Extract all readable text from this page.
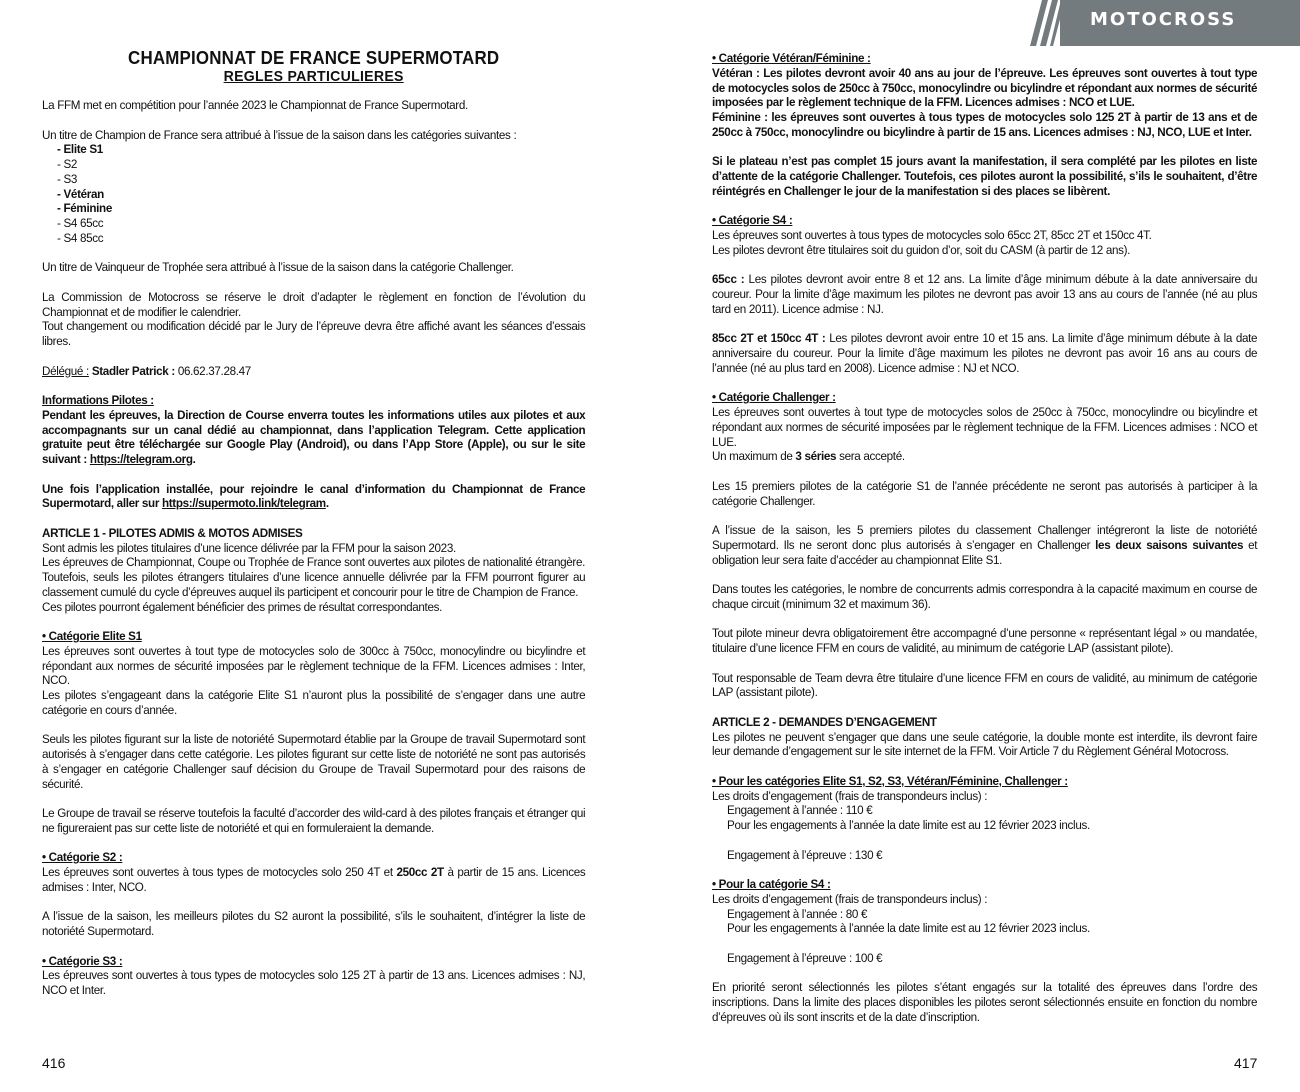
MOTOCROSS
CHAMPIONNAT DE FRANCE SUPERMOTARD
REGLES PARTICULIERES

La FFM met en compétition pour l’année 2023 le Championnat de France Supermotard.

Un titre de Champion de France sera attribué à l’issue de la saison dans les catégories suivantes :
- Elite S1
- S2
- S3
- Vétéran
- Féminine
- S4 65cc
- S4 85cc

Un titre de Vainqueur de Trophée sera attribué à l’issue de la saison dans la catégorie Challenger.

La Commission de Motocross se réserve le droit d’adapter le règlement en fonction de l’évolution du Championnat et de modifier le calendrier.
Tout changement ou modification décidé par le Jury de l’épreuve devra être affiché avant les séances d’essais libres.

Délégué : Stadler Patrick : 06.62.37.28.47

Informations Pilotes :
Pendant les épreuves, la Direction de Course enverra toutes les informations utiles aux pilotes et aux accompagnants sur un canal dédié au championnat, dans l’application Telegram. Cette application gratuite peut être téléchargée sur Google Play (Android), ou dans l’App Store (Apple), ou sur le site suivant : https://telegram.org.

Une fois l’application installée, pour rejoindre le canal d’information du Championnat de France Supermotard, aller sur https://supermoto.link/telegram.

ARTICLE 1 - PILOTES ADMIS & MOTOS ADMISES
Sont admis les pilotes titulaires d’une licence délivrée par la FFM pour la saison 2023.
Les épreuves de Championnat, Coupe ou Trophée de France sont ouvertes aux pilotes de nationalité étrangère.
Toutefois, seuls les pilotes étrangers titulaires d’une licence annuelle délivrée par la FFM pourront figurer au classement cumulé du cycle d’épreuves auquel ils participent et concourir pour le titre de Champion de France.
Ces pilotes pourront également bénéficier des primes de résultat correspondantes.
• Catégorie Elite S1
Les épreuves sont ouvertes à tout type de motocycles solo de 300cc à 750cc, monocylindre ou bicylindre et répondant aux normes de sécurité imposées par le règlement technique de la FFM. Licences admises : Inter, NCO.
Les pilotes s’engageant dans la catégorie Elite S1 n’auront plus la possibilité de s’engager dans une autre catégorie en cours d’année.

Seuls les pilotes figurant sur la liste de notoriété Supermotard établie par la Groupe de travail Supermotard sont autorisés à s’engager dans cette catégorie. Les pilotes figurant sur cette liste de notoriété ne sont pas autorisés à s’engager en catégorie Challenger sauf décision du Groupe de Travail Supermotard pour des raisons de sécurité.

Le Groupe de travail se réserve toutefois la faculté d’accorder des wild-card à des pilotes français et étranger qui ne figureraient pas sur cette liste de notoriété et qui en formuleraient la demande.

• Catégorie S2 :
Les épreuves sont ouvertes à tous types de motocycles solo 250 4T et 250cc 2T à partir de 15 ans. Licences admises : Inter, NCO.

A l’issue de la saison, les meilleurs pilotes du S2 auront la possibilité, s’ils le souhaitent, d’intégrer la liste de notoriété Supermotard.

• Catégorie S3 :
Les épreuves sont ouvertes à tous types de motocycles solo 125 2T à partir de 13 ans. Licences admises : NJ, NCO et Inter.
416
• Catégorie Vétéran/Féminine :
Vétéran : Les pilotes devront avoir 40 ans au jour de l’épreuve. Les épreuves sont ouvertes à tout type de motocycles solos de 250cc à 750cc, monocylindre ou bicylindre et répondant aux normes de sécurité imposées par le règlement technique de la FFM. Licences admises : NCO et LUE.
Féminine : les épreuves sont ouvertes à tous types de motocycles solo 125 2T à partir de 13 ans et de 250cc à 750cc, monocylindre ou bicylindre à partir de 15 ans. Licences admises : NJ, NCO, LUE et Inter.

Si le plateau n’est pas complet 15 jours avant la manifestation, il sera complété par les pilotes en liste d’attente de la catégorie Challenger. Toutefois, ces pilotes auront la possibilité, s’ils le souhaitent, d’être réintégrés en Challenger le jour de la manifestation si des places se libèrent.

• Catégorie S4 :
Les épreuves sont ouvertes à tous types de motocycles solo 65cc 2T, 85cc 2T et 150cc 4T.
Les pilotes devront être titulaires soit du guidon d’or, soit du CASM (à partir de 12 ans).

65cc : Les pilotes devront avoir entre 8 et 12 ans. La limite d’âge minimum débute à la date anniversaire du coureur. Pour la limite d’âge maximum les pilotes ne devront pas avoir 13 ans au cours de l’année (né au plus tard en 2011). Licence admise : NJ.

85cc 2T et 150cc 4T : Les pilotes devront avoir entre 10 et 15 ans. La limite d’âge minimum débute à la date anniversaire du coureur. Pour la limite d’âge maximum les pilotes ne devront pas avoir 16 ans au cours de l’année (né au plus tard en 2008). Licence admise : NJ et NCO.

• Catégorie Challenger :
Les épreuves sont ouvertes à tout type de motocycles solos de 250cc à 750cc, monocylindre ou bicylindre et répondant aux normes de sécurité imposées par le règlement technique de la FFM. Licences admises : NCO et LUE.
Un maximum de 3 séries sera accepté.

Les 15 premiers pilotes de la catégorie S1 de l’année précédente ne seront pas autorisés à participer à la catégorie Challenger.

A l’issue de la saison, les 5 premiers pilotes du classement Challenger intégreront la liste de notoriété Supermotard. Ils ne seront donc plus autorisés à s’engager en Challenger les deux saisons suivantes et obligation leur sera faite d’accéder au championnat Elite S1.

Dans toutes les catégories, le nombre de concurrents admis correspondra à la capacité maximum en course de chaque circuit (minimum 32 et maximum 36).

Tout pilote mineur devra obligatoirement être accompagné d’une personne « représentant légal » ou mandatée, titulaire d’une licence FFM en cours de validité, au minimum de catégorie LAP (assistant pilote).

Tout responsable de Team devra être titulaire d’une licence FFM en cours de validité, au minimum de catégorie LAP (assistant pilote).

ARTICLE 2 - DEMANDES D’ENGAGEMENT
Les pilotes ne peuvent s’engager que dans une seule catégorie, la double monte est interdite, ils devront faire leur demande d’engagement sur le site internet de la FFM. Voir Article 7 du Règlement Général Motocross.
• Pour les catégories Elite S1, S2, S3, Vétéran/Féminine, Challenger :
Les droits d’engagement (frais de transpondeurs inclus) :
Engagement à l’année : 110 €
Pour les engagements à l’année la date limite est au 12 février 2023 inclus.

Engagement à l’épreuve : 130 €

• Pour la catégorie S4 :
Les droits d’engagement (frais de transpondeurs inclus) :
Engagement à l’année : 80 €
Pour les engagements à l’année la date limite est au 12 février 2023 inclus.

Engagement à l’épreuve : 100 €

En priorité seront sélectionnés les pilotes s’étant engagés sur la totalité des épreuves dans l’ordre des inscriptions. Dans la limite des places disponibles les pilotes seront sélectionnés ensuite en fonction du nombre d’épreuves où ils sont inscrits et de la date d’inscription.

417
